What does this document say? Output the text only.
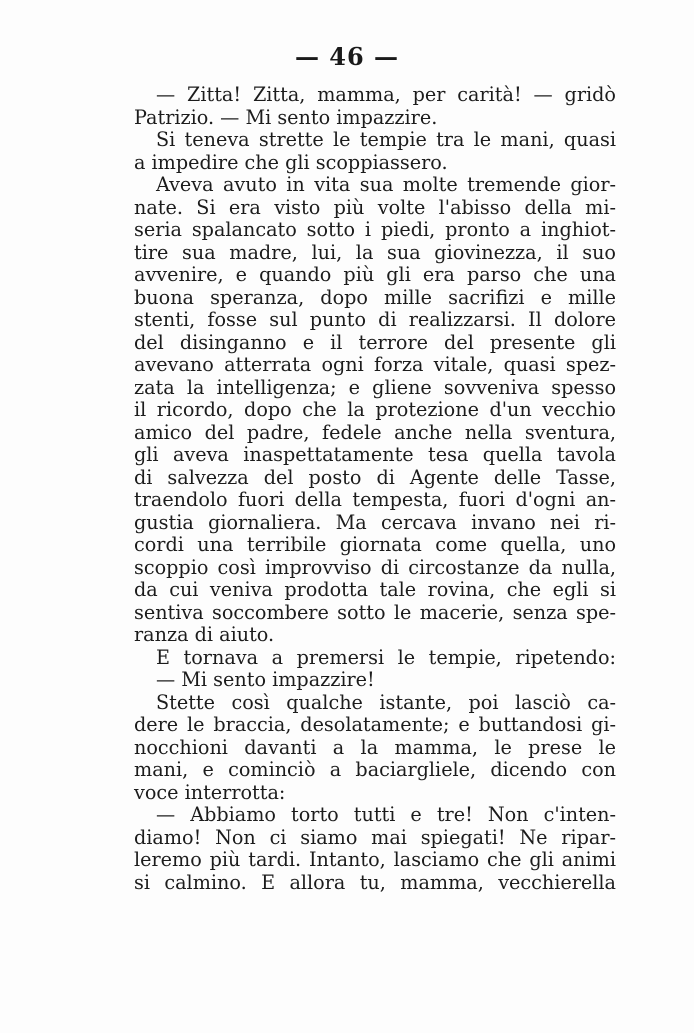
— 46 —
— Zitta! Zitta, mamma, per carità! — gridò
Patrizio. — Mi sento impazzire.
Si teneva strette le tempie tra le mani, quasi
a impedire che gli scoppiassero.
Aveva avuto in vita sua molte tremende gior-
nate. Si era visto più volte l'abisso della mi-
seria spalancato sotto i piedi, pronto a inghiot-
tire sua madre, lui, la sua giovinezza, il suo
avvenire, e quando più gli era parso che una
buona speranza, dopo mille sacrifizi e mille
stenti, fosse sul punto di realizzarsi. Il dolore
del disinganno e il terrore del presente gli
avevano atterrata ogni forza vitale, quasi spez-
zata la intelligenza; e gliene sovveniva spesso
il ricordo, dopo che la protezione d'un vecchio
amico del padre, fedele anche nella sventura,
gli aveva inaspettatamente tesa quella tavola
di salvezza del posto di Agente delle Tasse,
traendolo fuori della tempesta, fuori d'ogni an-
gustia giornaliera. Ma cercava invano nei ri-
cordi una terribile giornata come quella, uno
scoppio così improvviso di circostanze da nulla,
da cui veniva prodotta tale rovina, che egli si
sentiva soccombere sotto le macerie, senza spe-
ranza di aiuto.
E tornava a premersi le tempie, ripetendo:
— Mi sento impazzire!
Stette così qualche istante, poi lasciò ca-
dere le braccia, desolatamente; e buttandosi gi-
nocchioni davanti a la mamma, le prese le
mani, e cominciò a baciargliele, dicendo con
voce interrotta:
— Abbiamo torto tutti e tre! Non c'inten-
diamo! Non ci siamo mai spiegati! Ne ripar-
leremo più tardi. Intanto, lasciamo che gli animi
si calmino. E allora tu, mamma, vecchierella
